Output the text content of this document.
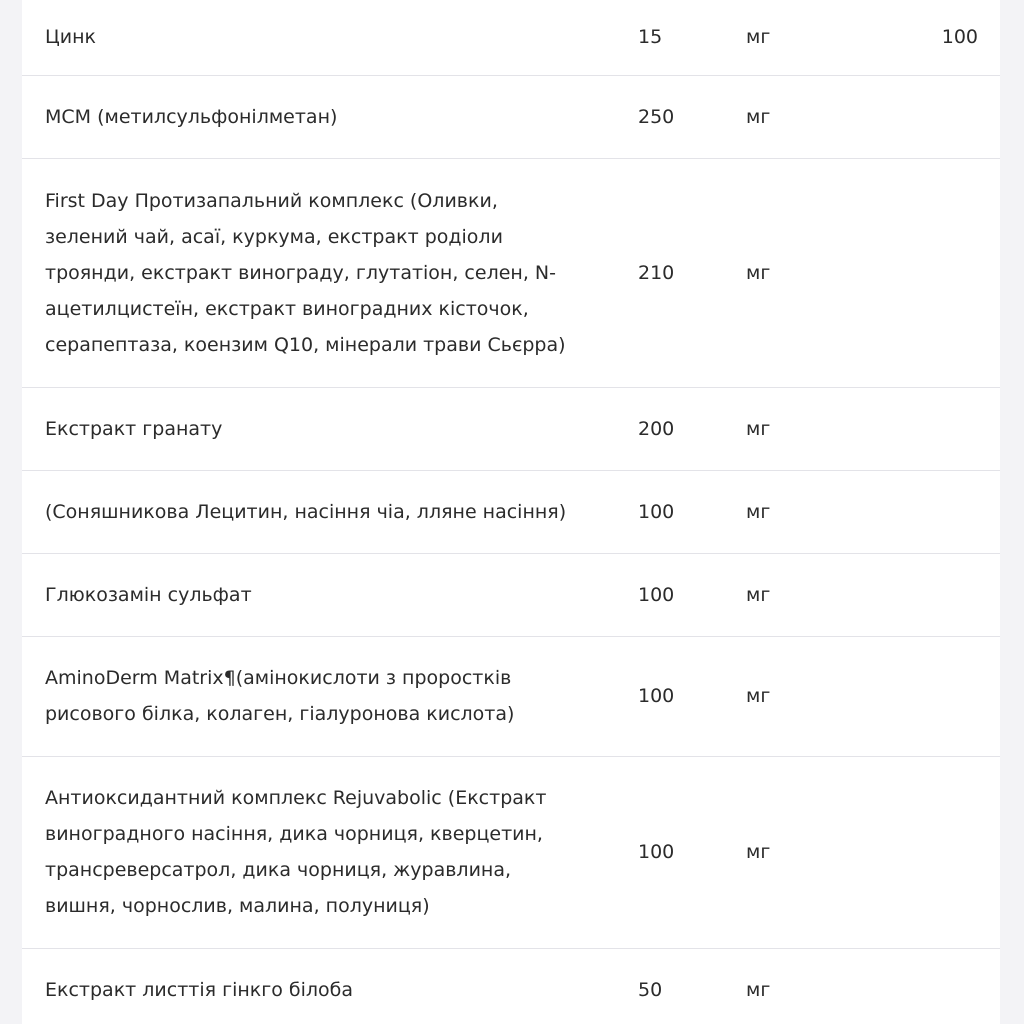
Цинк	15	мг	100

МСМ (метилсульфонілметан)	250	мг	

First Day Протизапальний комплекс (Оливки, зелений чай, асаї, куркума, екстракт родіоли троянди, екстракт винограду, глутатіон, селен, N-ацетилцистеїн, екстракт виноградних кісточок, серапептаза, коензим Q10, мінерали трави Сьєрра)	210	мг	

Екстракт гранату	200	мг	

(Соняшникова Лецитин, насіння чіа, лляне насіння)	100	мг	

Глюкозамін сульфат	100	мг	

AminoDerm Matrix¶(амінокислоти з проростків рисового білка, колаген, гіалуронова кислота)	100	мг	

Антиоксидантний комплекс Rejuvabolic (Екстракт виноградного насіння, дика чорниця, кверцетин, трансреверсатрол, дика чорниця, журавлина, вишня, чорнослив, малина, полуниця)	100	мг	

Екстракт листтія гінкго білоба	50	мг	
